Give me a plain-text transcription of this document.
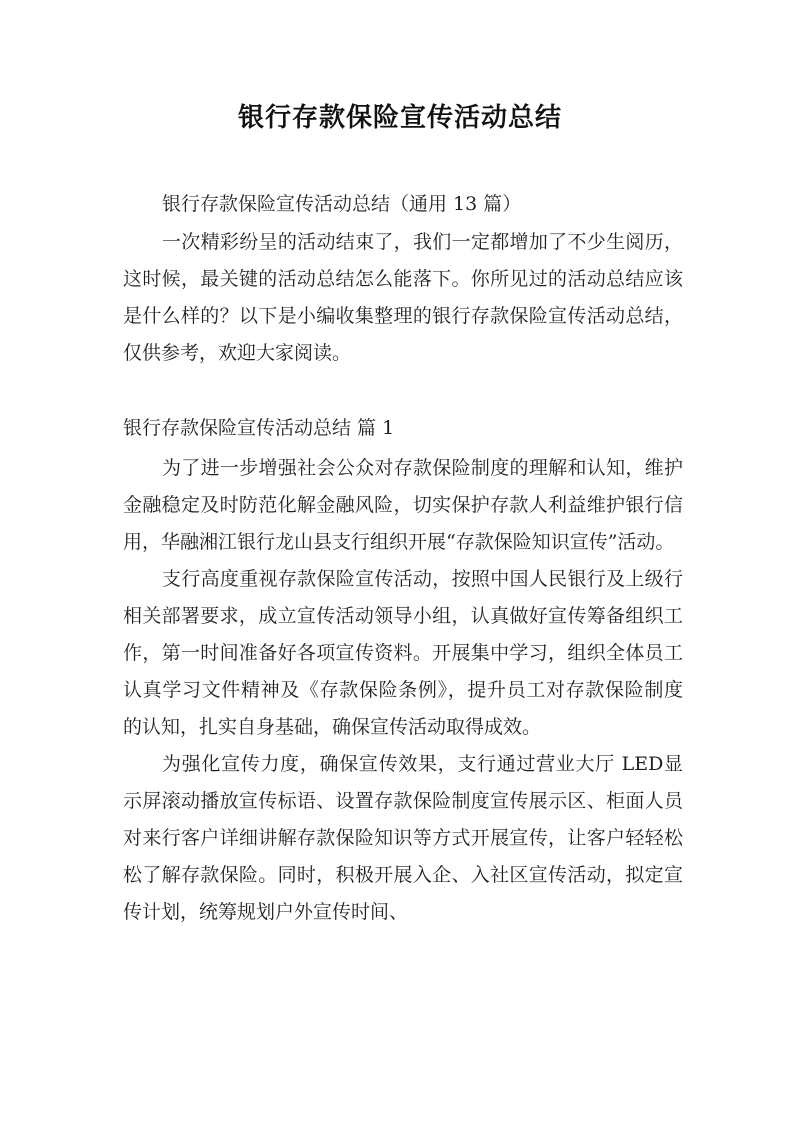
银行存款保险宣传活动总结
银行存款保险宣传活动总结（通用 13 篇）

一次精彩纷呈的活动结束了，我们一定都增加了不少生阅历，这时候，最关键的活动总结怎么能落下。你所见过的活动总结应该是什么样的？以下是小编收集整理的银行存款保险宣传活动总结，仅供参考，欢迎大家阅读。

银行存款保险宣传活动总结 篇 1

为了进一步增强社会公众对存款保险制度的理解和认知，维护金融稳定及时防范化解金融风险，切实保护存款人利益维护银行信用，华融湘江银行龙山县支行组织开展“存款保险知识宣传”活动。

支行高度重视存款保险宣传活动，按照中国人民银行及上级行相关部署要求，成立宣传活动领导小组，认真做好宣传筹备组织工作，第一时间准备好各项宣传资料。开展集中学习，组织全体员工认真学习文件精神及《存款保险条例》，提升员工对存款保险制度的认知，扎实自身基础，确保宣传活动取得成效。

为强化宣传力度，确保宣传效果，支行通过营业大厅 LED显示屏滚动播放宣传标语、设置存款保险制度宣传展示区、柜面人员对来行客户详细讲解存款保险知识等方式开展宣传，让客户轻轻松松了解存款保险。同时，积极开展入企、入社区宣传活动，拟定宣传计划，统筹规划户外宣传时间、
